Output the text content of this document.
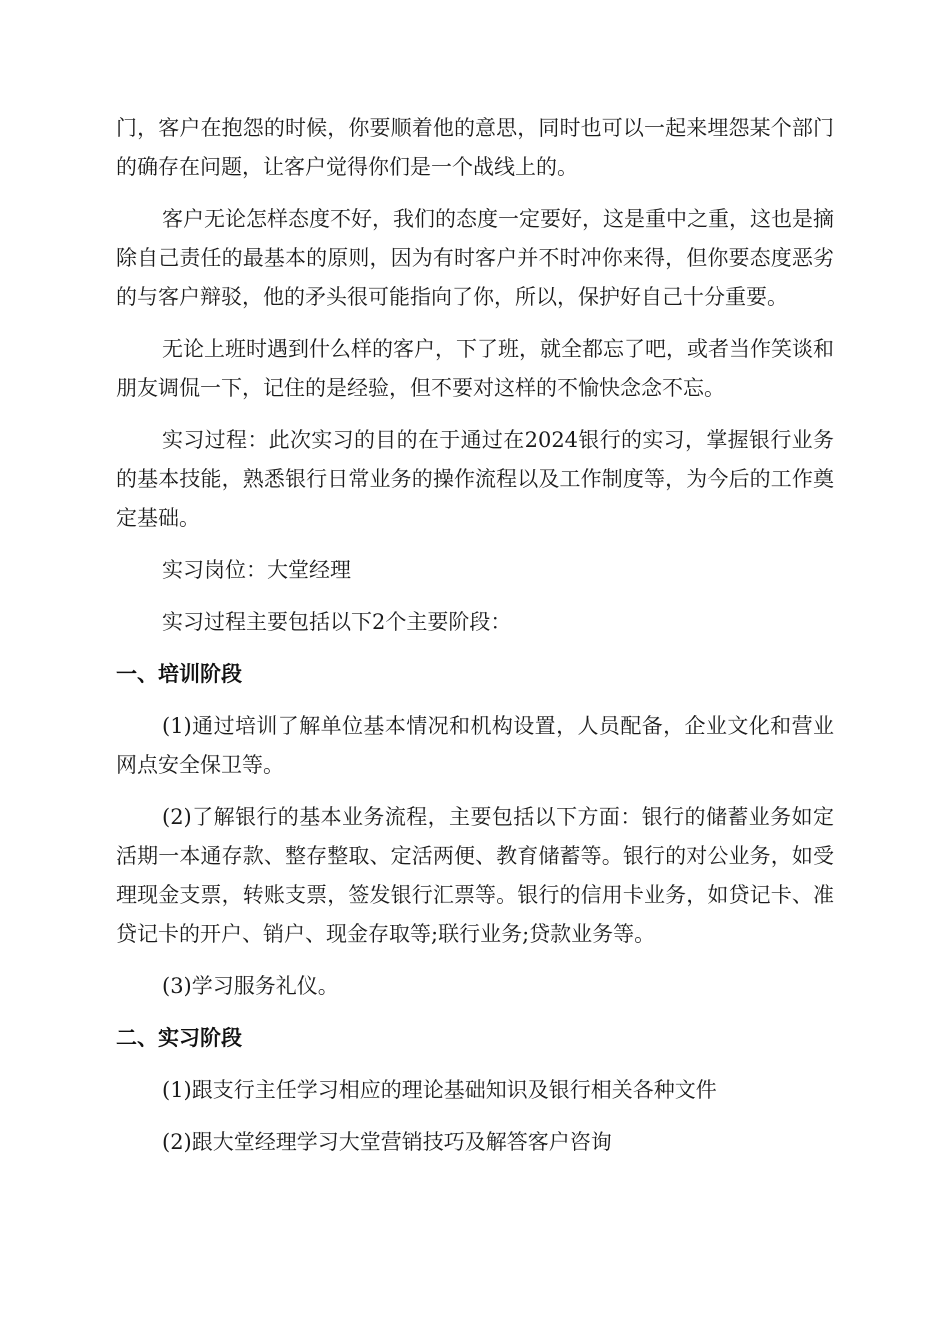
门，客户在抱怨的时候，你要顺着他的意思，同时也可以一起来埋怨某个部门的确存在问题，让客户觉得你们是一个战线上的。

客户无论怎样态度不好，我们的态度一定要好，这是重中之重，这也是摘除自己责任的最基本的原则，因为有时客户并不时冲你来得，但你要态度恶劣的与客户辩驳，他的矛头很可能指向了你，所以，保护好自己十分重要。

无论上班时遇到什么样的客户，下了班，就全都忘了吧，或者当作笑谈和朋友调侃一下，记住的是经验，但不要对这样的不愉快念念不忘。

实习过程：此次实习的目的在于通过在2024银行的实习，掌握银行业务的基本技能，熟悉银行日常业务的操作流程以及工作制度等，为今后的工作奠定基础。

实习岗位：大堂经理

实习过程主要包括以下2个主要阶段：

一、培训阶段

(1)通过培训了解单位基本情况和机构设置，人员配备，企业文化和营业网点安全保卫等。

(2)了解银行的基本业务流程，主要包括以下方面：银行的储蓄业务如定活期一本通存款、整存整取、定活两便、教育储蓄等。银行的对公业务，如受理现金支票，转账支票，签发银行汇票等。银行的信用卡业务，如贷记卡、准贷记卡的开户、销户、现金存取等;联行业务;贷款业务等。

(3)学习服务礼仪。

二、实习阶段

(1)跟支行主任学习相应的理论基础知识及银行相关各种文件

(2)跟大堂经理学习大堂营销技巧及解答客户咨询
